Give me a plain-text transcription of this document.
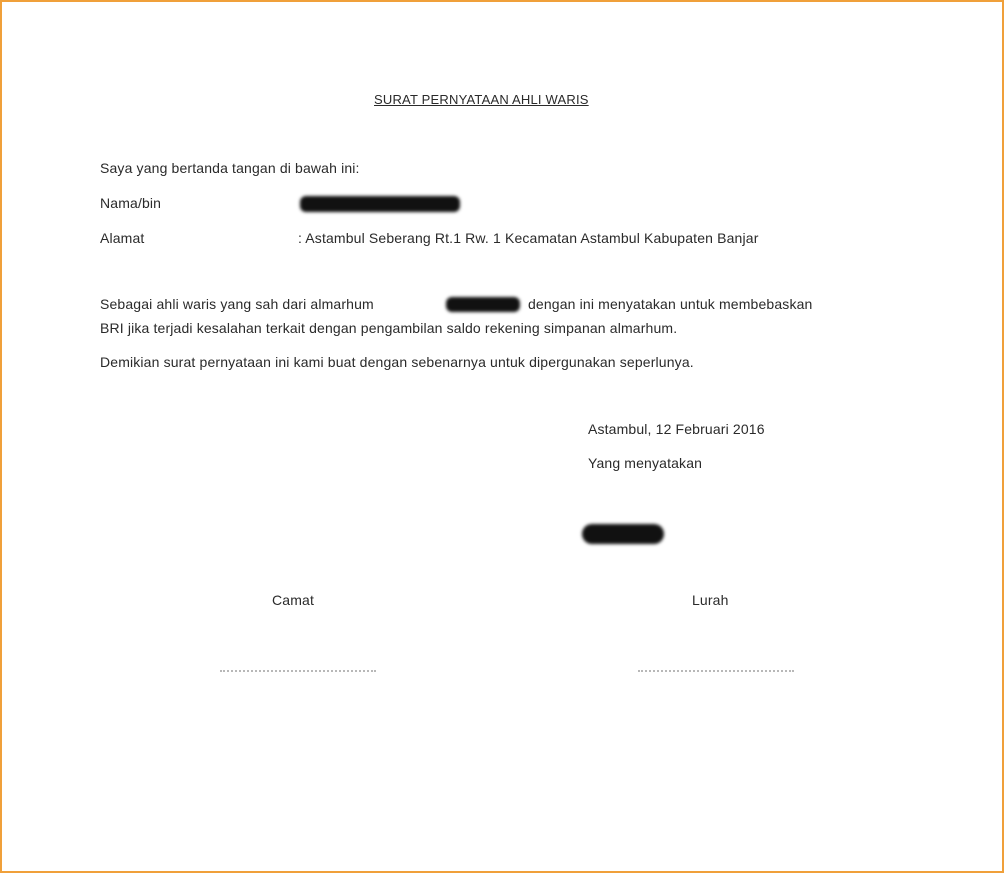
SURAT PERNYATAAN AHLI WARIS
Saya yang bertanda tangan di bawah ini:
Nama/bin
Alamat	: Astambul Seberang Rt.1 Rw. 1 Kecamatan Astambul Kabupaten Banjar
Sebagai ahli waris yang sah dari almarhum	dengan ini menyatakan untuk membebaskan
BRI jika terjadi kesalahan terkait dengan pengambilan saldo rekening simpanan almarhum.
Demikian surat pernyataan ini kami buat dengan sebenarnya untuk dipergunakan seperlunya.
Astambul, 12 Februari 2016
Yang menyatakan
Camat	Lurah
